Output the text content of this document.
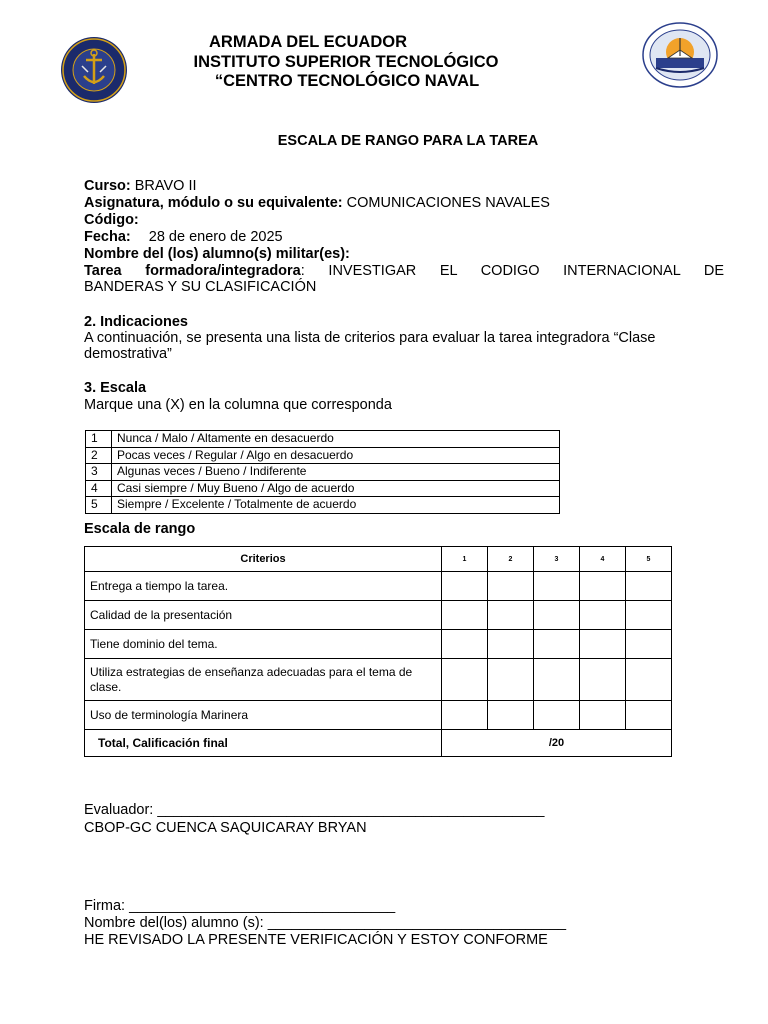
ARMADA DEL ECUADOR
INSTITUTO SUPERIOR TECNOLÓGICO
“CENTRO TECNOLÓGICO NAVAL
ESCALA DE RANGO PARA LA TAREA
Curso: BRAVO II
Asignatura, módulo o su equivalente: COMUNICACIONES NAVALES
Código:
Fecha: 28 de enero de 2025
Nombre del (los) alumno(s) militar(es):
Tarea formadora/integradora: INVESTIGAR EL CODIGO INTERNACIONAL DE
BANDERAS Y SU CLASIFICACIÓN
2. Indicaciones
A continuación, se presenta una lista de criterios para evaluar la tarea integradora “Clase
demostrativa”
3. Escala
Marque una (X) en la columna que corresponda
1	Nunca / Malo / Altamente en desacuerdo
2	Pocas veces / Regular / Algo en desacuerdo
3	Algunas veces / Bueno / Indiferente
4	Casi siempre / Muy Bueno / Algo de acuerdo
5	Siempre / Excelente / Totalmente de acuerdo
Escala de rango
Criterios	1	2	3	4	5
Entrega a tiempo la tarea.					
Calidad de la presentación					
Tiene dominio del tema.					
Utiliza estrategias de enseñanza adecuadas para el tema de clase.					
Uso de terminología Marinera					
Total, Calificación final	/20				
Evaluador: ________________________________________________
CBOP-GC CUENCA SAQUICARAY BRYAN
Firma: _________________________________
Nombre del(los) alumno (s): _____________________________________
HE REVISADO LA PRESENTE VERIFICACIÓN Y ESTOY CONFORME
